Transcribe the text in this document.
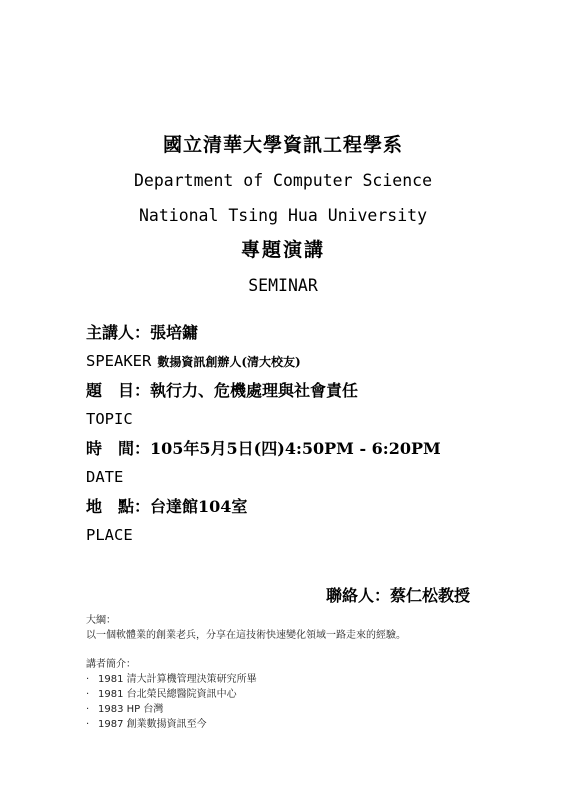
國立清華大學資訊工程學系
Department of Computer Science
National Tsing Hua University
專題演講
SEMINAR
主講人：張培鏞
SPEAKER 數揚資訊創辦人(清大校友)
題　目：執行力、危機處理與社會責任
TOPIC
時　間：105年5月5日(四)4:50PM - 6:20PM
DATE
地　點：台達館104室
PLACE
聯絡人：蔡仁松教授
大綱：
以一個軟體業的創業老兵，分享在這技術快速變化領域一路走來的經驗。
講者簡介：
· 1981 清大計算機管理決策研究所畢
· 1981 台北榮民總醫院資訊中心
· 1983 HP 台灣
· 1987 創業數揚資訊至今
